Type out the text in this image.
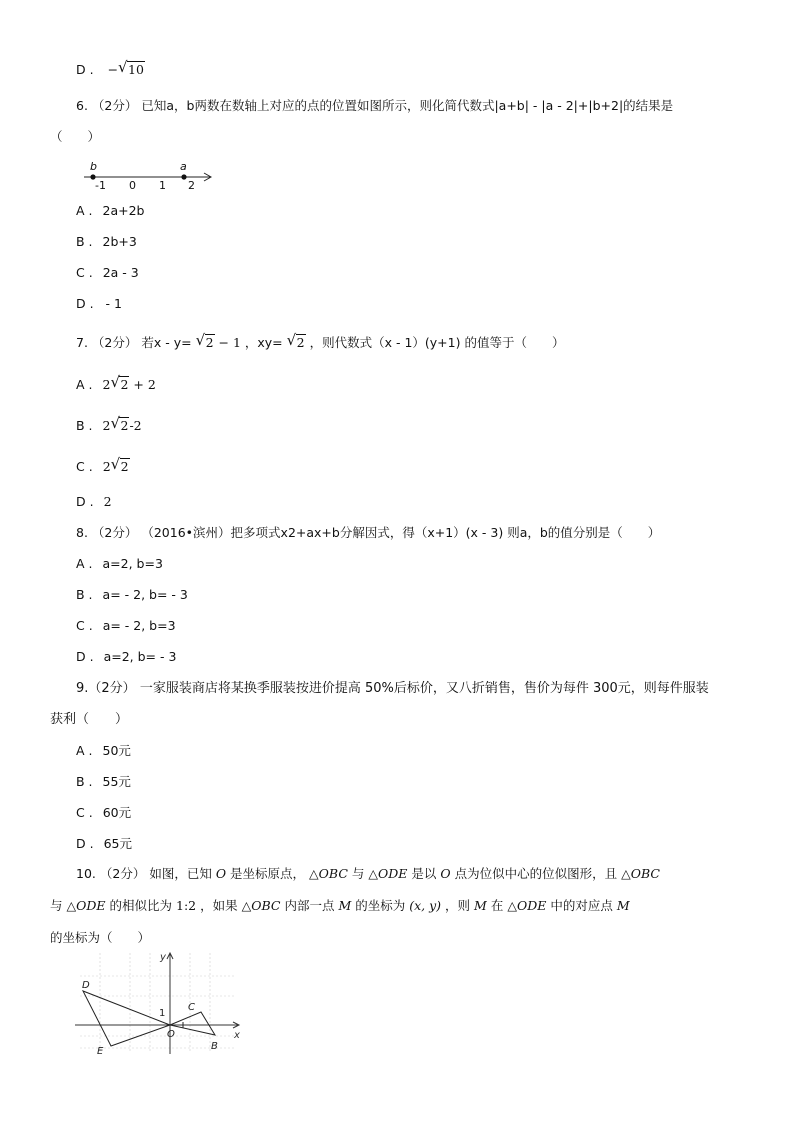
D . − √ 10
6. （2分） 已知a，b两数在数轴上对应的点的位置如图所示，则化简代数式|a+b| - |a - 2|+|b+2|的结果是
（　　）
b	a
-1 0 1 2
A . 2a+2b
B . 2b+3
C . 2a - 3
D . - 1
7. （2分） 若x - y= √ 2 − 1 ，xy= √ 2 ，则代数式（x - 1）(y+1) 的值等于（　　）
A . 2 √ 2 + 2
B . 2 √ 2-2
C . 2 √ 2
D . 2
8. （2分） （2016•滨州）把多项式x2+ax+b分解因式，得（x+1）(x - 3) 则a，b的值分别是（　　）
A . a=2, b=3
B . a= - 2, b= - 3
C . a= - 2, b=3
D . a=2, b= - 3
9.（2分） 一家服装商店将某换季服装按进价提高 50%后标价，又八折销售，售价为每件 300元，则每件服装
获利（　　）
A . 50元
B . 55元
C . 60元
D . 65元
10. （2分） 如图，已知 O 是坐标原点， △OBC 与 △ODE 是以 O 点为位似中心的位似图形，且 △OBC
与 △ODE 的相似比为 1:2 ，如果 △OBC 内部一点 M 的坐标为 (x, y) ，则 M 在 △ODE 中的对应点 M
的坐标为（　　）
y
x
D
C
E	B
O
1
